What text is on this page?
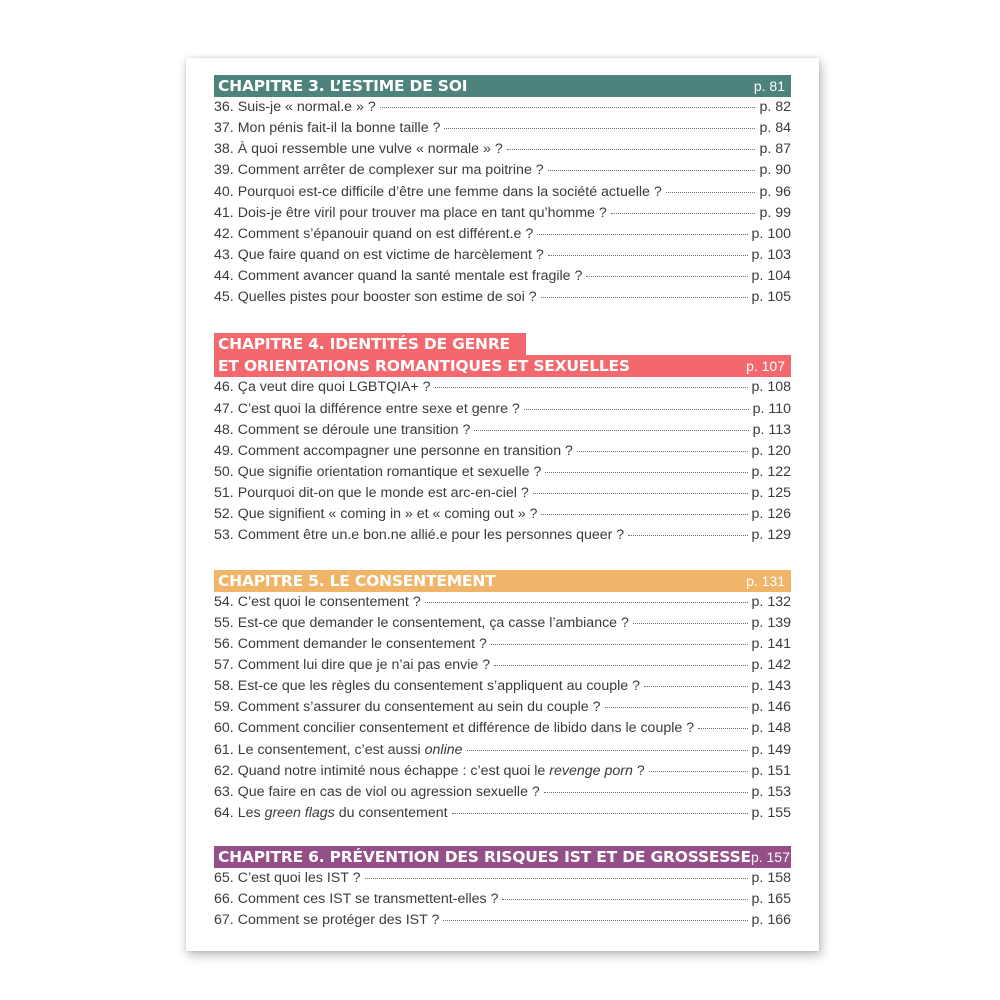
CHAPITRE 3. L’ESTIME DE SOI	p. 81
36. Suis-je « normal.e » ?	p. 82
37. Mon pénis fait-il la bonne taille ?	p. 84
38. À quoi ressemble une vulve « normale » ?	p. 87
39. Comment arrêter de complexer sur ma poitrine ?	p. 90
40. Pourquoi est-ce difficile d’être une femme dans la société actuelle ?	p. 96
41. Dois-je être viril pour trouver ma place en tant qu’homme ?	p. 99
42. Comment s’épanouir quand on est différent.e ?	p. 100
43. Que faire quand on est victime de harcèlement ?	p. 103
44. Comment avancer quand la santé mentale est fragile ?	p. 104
45. Quelles pistes pour booster son estime de soi ?	p. 105
CHAPITRE 4. IDENTITÉS DE GENRE
ET ORIENTATIONS ROMANTIQUES ET SEXUELLES	p. 107
46. Ça veut dire quoi LGBTQIA+ ?	p. 108
47. C’est quoi la différence entre sexe et genre ?	p. 110
48. Comment se déroule une transition ?	p. 113
49. Comment accompagner une personne en transition ?	p. 120
50. Que signifie orientation romantique et sexuelle ?	p. 122
51. Pourquoi dit-on que le monde est arc-en-ciel ?	p. 125
52. Que signifient « coming in » et « coming out » ?	p. 126
53. Comment être un.e bon.ne allié.e pour les personnes queer ?	p. 129
CHAPITRE 5. LE CONSENTEMENT	p. 131
54. C’est quoi le consentement ?	p. 132
55. Est-ce que demander le consentement, ça casse l’ambiance ?	p. 139
56. Comment demander le consentement ?	p. 141
57. Comment lui dire que je n’ai pas envie ?	p. 142
58. Est-ce que les règles du consentement s’appliquent au couple ?	p. 143
59. Comment s’assurer du consentement au sein du couple ?	p. 146
60. Comment concilier consentement et différence de libido dans le couple ?	p. 148
61. Le consentement, c’est aussi online	p. 149
62. Quand notre intimité nous échappe : c’est quoi le revenge porn ?	p. 151
63. Que faire en cas de viol ou agression sexuelle ?	p. 153
64. Les green flags du consentement	p. 155
CHAPITRE 6. PRÉVENTION DES RISQUES IST ET DE GROSSESSE p. 157
65. C’est quoi les IST ?	p. 158
66. Comment ces IST se transmettent-elles ?	p. 165
67. Comment se protéger des IST ?	p. 166
